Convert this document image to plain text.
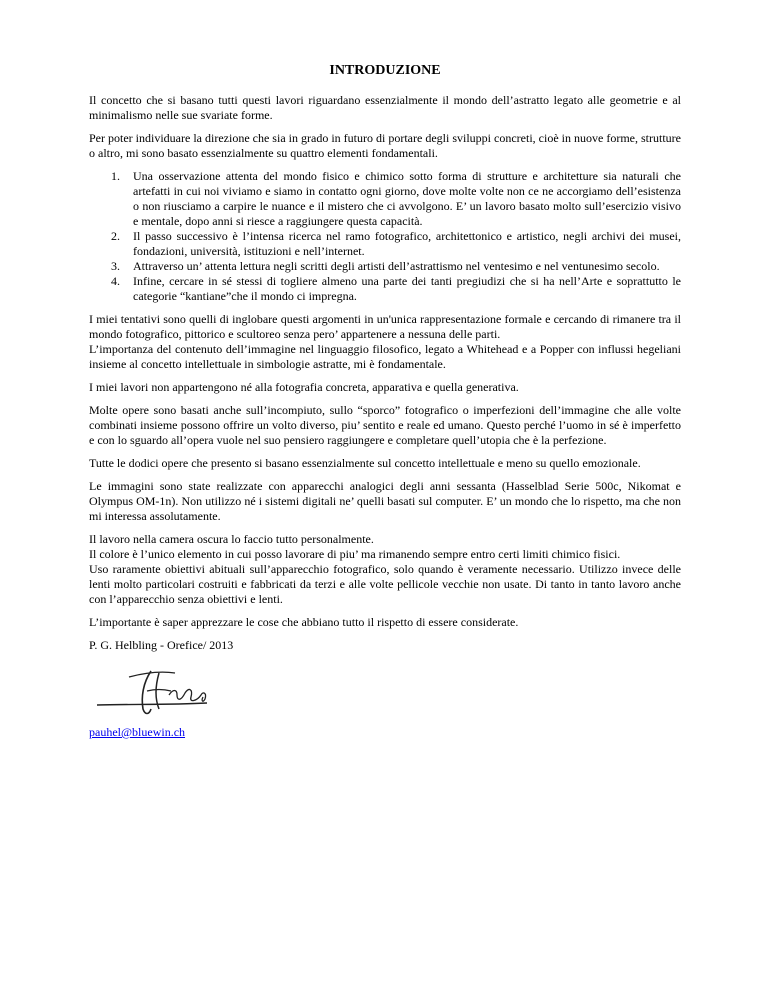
INTRODUZIONE

Il concetto che si basano tutti questi lavori riguardano essenzialmente il mondo dell’astratto legato alle geometrie e al minimalismo nelle sue svariate forme.

Per poter individuare la direzione che sia in grado in futuro di portare degli sviluppi concreti, cioè in nuove forme, strutture o altro, mi sono basato essenzialmente su quattro elementi fondamentali.

1. Una osservazione attenta del mondo fisico e chimico sotto forma di strutture e architetture sia naturali che artefatti in cui noi viviamo e siamo in contatto ogni giorno, dove molte volte non ce ne accorgiamo dell’esistenza o non riusciamo a carpire le nuance e il mistero che ci avvolgono. E’ un lavoro basato molto sull’esercizio visivo e mentale, dopo anni si riesce a raggiungere questa capacità.
2. Il passo successivo è l’intensa ricerca nel ramo fotografico, architettonico e artistico, negli archivi dei musei, fondazioni, università, istituzioni e nell’internet.
3. Attraverso un’ attenta lettura negli scritti degli artisti dell’astrattismo nel ventesimo e nel ventunesimo secolo.
4. Infine, cercare in sé stessi di togliere almeno una parte dei tanti pregiudizi che si ha nell’Arte e soprattutto le categorie “kantiane”che il mondo ci impregna.

I miei tentativi sono quelli di inglobare questi argomenti in un'unica rappresentazione formale e cercando di rimanere tra il mondo fotografico, pittorico e scultoreo senza pero’ appartenere a nessuna delle parti.

L’importanza del contenuto dell’immagine nel linguaggio filosofico, legato a Whitehead e a Popper con influssi hegeliani insieme al concetto intellettuale in simbologie astratte, mi è fondamentale.

I miei lavori non appartengono né alla fotografia concreta, apparativa e quella generativa.

Molte opere sono basati anche sull’incompiuto, sullo “sporco” fotografico o imperfezioni dell’immagine che alle volte combinati insieme possono offrire un volto diverso, piu’ sentito e reale ed umano. Questo perché l’uomo in sé è imperfetto e con lo sguardo all’opera vuole nel suo pensiero raggiungere e completare quell’utopia che è la perfezione.

Tutte le dodici opere che presento si basano essenzialmente sul concetto intellettuale e meno su quello emozionale.

Le immagini sono state realizzate con apparecchi analogici degli anni sessanta (Hasselblad Serie 500c, Nikomat e Olympus OM-1n). Non utilizzo né i sistemi digitali ne’ quelli basati sul computer. E’ un mondo che lo rispetto, ma che non mi interessa assolutamente.

Il lavoro nella camera oscura lo faccio tutto personalmente.

Il colore è l’unico elemento in cui posso lavorare di piu’ ma rimanendo sempre entro certi limiti chimico fisici.

Uso raramente obiettivi abituali sull’apparecchio fotografico, solo quando è veramente necessario. Utilizzo invece delle lenti molto particolari costruiti e fabbricati da terzi e alle volte pellicole vecchie non usate. Di tanto in tanto lavoro anche con l’apparecchio senza obiettivi e lenti.

L’importante è saper apprezzare le cose che abbiano tutto il rispetto di essere considerate.

P. G. Helbling - Orefice/ 2013

pauhel@bluewin.ch
